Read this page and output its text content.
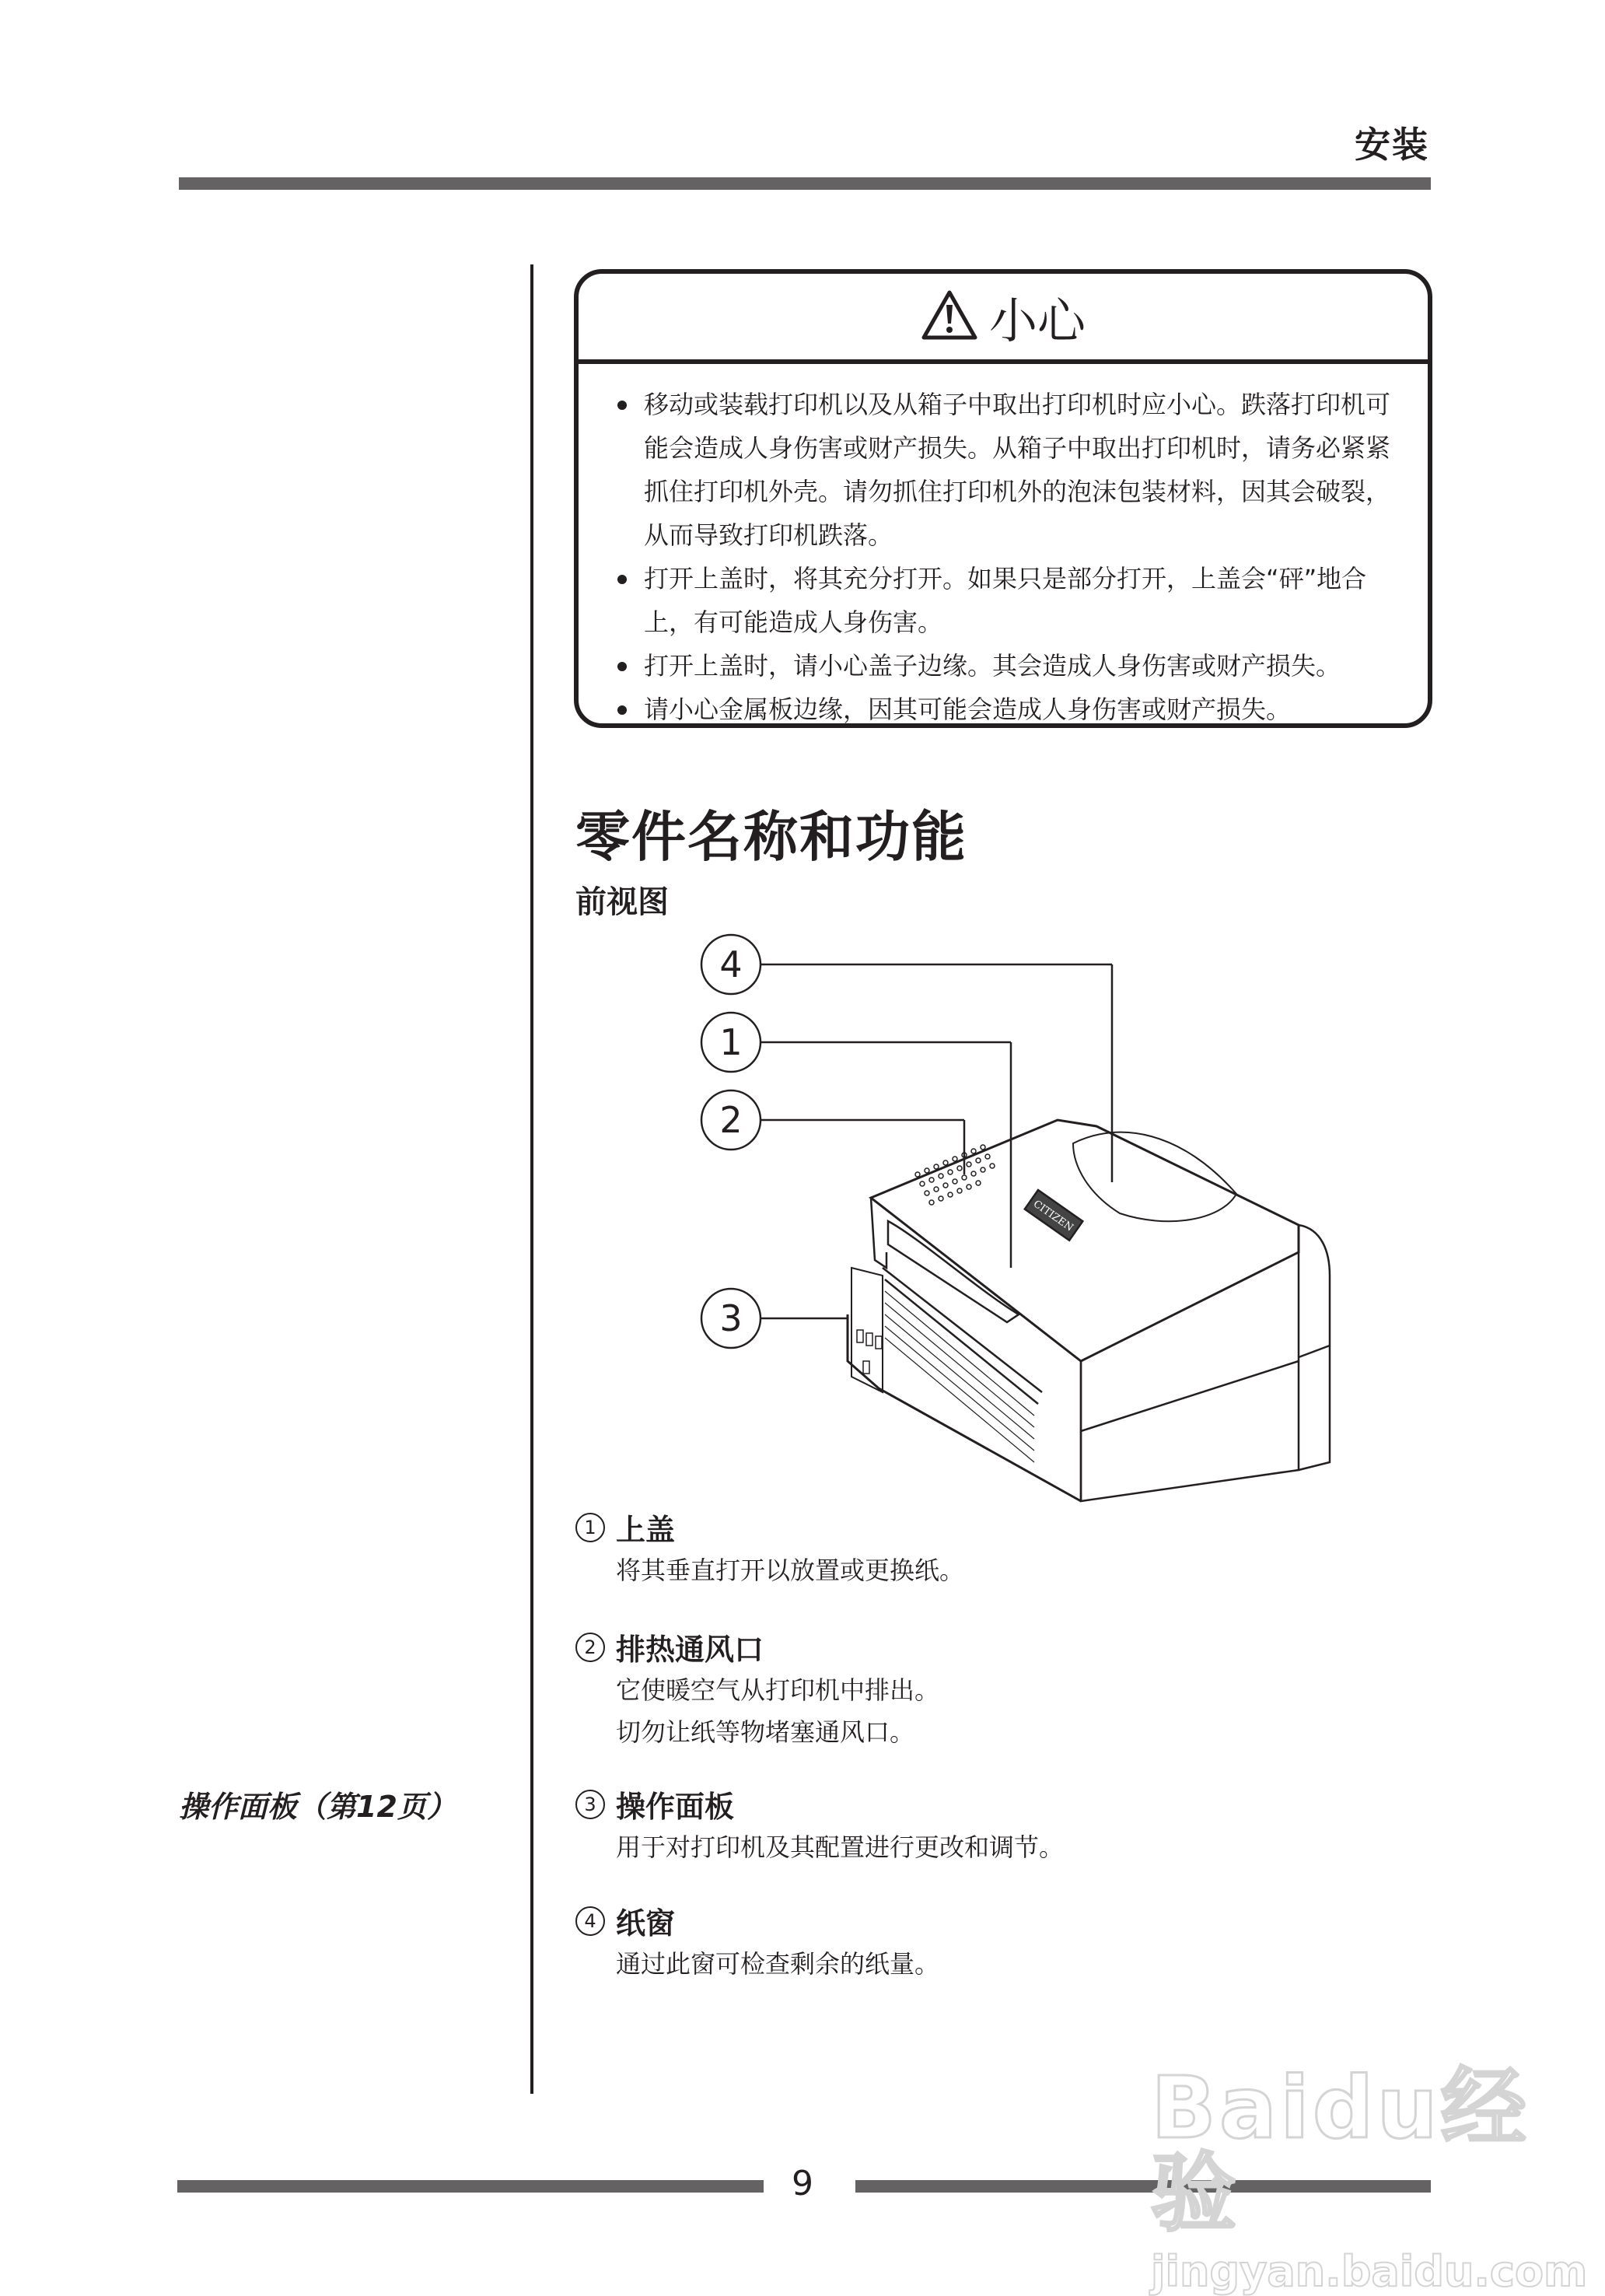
安装
小心
移动或装载打印机以及从箱子中取出打印机时应小心。跌落打印机可能会造成人身伤害或财产损失。从箱子中取出打印机时，请务必紧紧抓住打印机外壳。请勿抓住打印机外的泡沫包装材料，因其会破裂，从而导致打印机跌落。
打开上盖时，将其充分打开。如果只是部分打开，上盖会“砰”地合上，有可能造成人身伤害。
打开上盖时，请小心盖子边缘。其会造成人身伤害或财产损失。
请小心金属板边缘，因其可能会造成人身伤害或财产损失。
零件名称和功能
前视图
4
1
2
3
CITIZEN
1 上盖
将其垂直打开以放置或更换纸。
2 排热通风口
它使暖空气从打印机中排出。
切勿让纸等物堵塞通风口。
操作面板（第12页）	3 操作面板
用于对打印机及其配置进行更改和调节。
4 纸窗
通过此窗可检查剩余的纸量。
9
Baidu经验
jingyan.baidu.com
